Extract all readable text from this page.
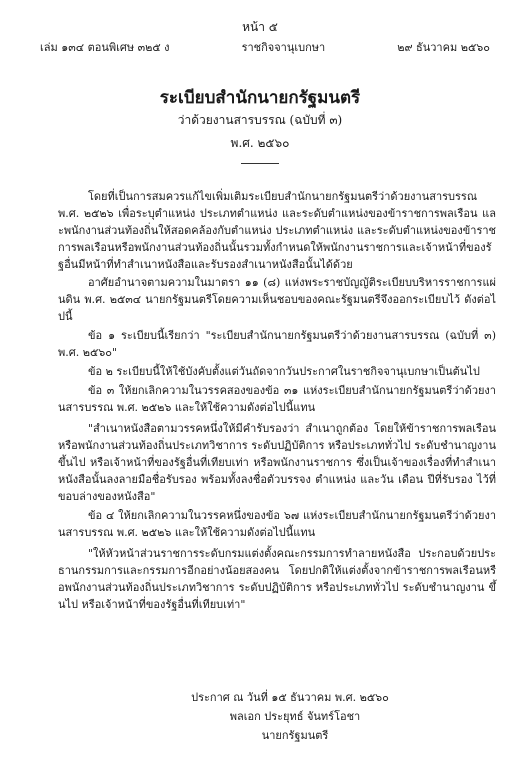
หน้า ๕
เล่ม ๑๓๔ ตอนพิเศษ ๓๒๕ ง	ราชกิจจานุเบกษา	๒๙ ธันวาคม ๒๕๖๐
ระเบียบสำนักนายกรัฐมนตรี
ว่าด้วยงานสารบรรณ (ฉบับที่ ๓)
พ.ศ. ๒๕๖๐

โดยที่เป็นการสมควรแก้ไขเพิ่มเติมระเบียบสำนักนายกรัฐมนตรีว่าด้วยงานสารบรรณ พ.ศ. ๒๕๒๖ เพื่อระบุตำแหน่ง ประเภทตำแหน่ง และระดับตำแหน่งของข้าราชการพลเรือน และพนักงานส่วนท้องถิ่นให้สอดคล้องกับตำแหน่ง ประเภทตำแหน่ง และระดับตำแหน่งของข้าราชการพลเรือนหรือพนักงานส่วนท้องถิ่นนั้นรวมทั้งกำหนดให้พนักงานราชการและเจ้าหน้าที่ของรัฐอื่นมีหน้าที่ทำสำเนาหนังสือและรับรองสำเนาหนังสือนั้นได้ด้วย

อาศัยอำนาจตามความในมาตรา ๑๑ (๘) แห่งพระราชบัญญัติระเบียบบริหารราชการแผ่นดิน พ.ศ. ๒๕๓๔ นายกรัฐมนตรีโดยความเห็นชอบของคณะรัฐมนตรีจึงออกระเบียบไว้ ดังต่อไปนี้

ข้อ ๑ ระเบียบนี้เรียกว่า "ระเบียบสำนักนายกรัฐมนตรีว่าด้วยงานสารบรรณ (ฉบับที่ ๓) พ.ศ. ๒๕๖๐"

ข้อ ๒ ระเบียบนี้ให้ใช้บังคับตั้งแต่วันถัดจากวันประกาศในราชกิจจานุเบกษาเป็นต้นไป

ข้อ ๓ ให้ยกเลิกความในวรรคสองของข้อ ๓๑ แห่งระเบียบสำนักนายกรัฐมนตรีว่าด้วยงานสารบรรณ พ.ศ. ๒๕๒๖ และให้ใช้ความดังต่อไปนี้แทน

"สำเนาหนังสือตามวรรคหนึ่งให้มีคำรับรองว่า สำเนาถูกต้อง โดยให้ข้าราชการพลเรือนหรือพนักงานส่วนท้องถิ่นประเภทวิชาการ ระดับปฏิบัติการ หรือประเภททั่วไป ระดับชำนาญงาน ขึ้นไป หรือเจ้าหน้าที่ของรัฐอื่นที่เทียบเท่า หรือพนักงานราชการ ซึ่งเป็นเจ้าของเรื่องที่ทำสำเนาหนังสือนั้นลงลายมือชื่อรับรอง พร้อมทั้งลงชื่อตัวบรรจง ตำแหน่ง และวัน เดือน ปีที่รับรอง ไว้ที่ขอบล่างของหนังสือ"

ข้อ ๔ ให้ยกเลิกความในวรรคหนึ่งของข้อ ๖๗ แห่งระเบียบสำนักนายกรัฐมนตรีว่าด้วยงานสารบรรณ พ.ศ. ๒๕๒๖ และให้ใช้ความดังต่อไปนี้แทน

"ให้หัวหน้าส่วนราชการระดับกรมแต่งตั้งคณะกรรมการทำลายหนังสือ ประกอบด้วยประธานกรรมการและกรรมการอีกอย่างน้อยสองคน โดยปกติให้แต่งตั้งจากข้าราชการพลเรือนหรือพนักงานส่วนท้องถิ่นประเภทวิชาการ ระดับปฏิบัติการ หรือประเภททั่วไป ระดับชำนาญงาน ขึ้นไป หรือเจ้าหน้าที่ของรัฐอื่นที่เทียบเท่า"

ประกาศ ณ วันที่ ๑๕ ธันวาคม พ.ศ. ๒๕๖๐
พลเอก ประยุทธ์ จันทร์โอชา
นายกรัฐมนตรี
